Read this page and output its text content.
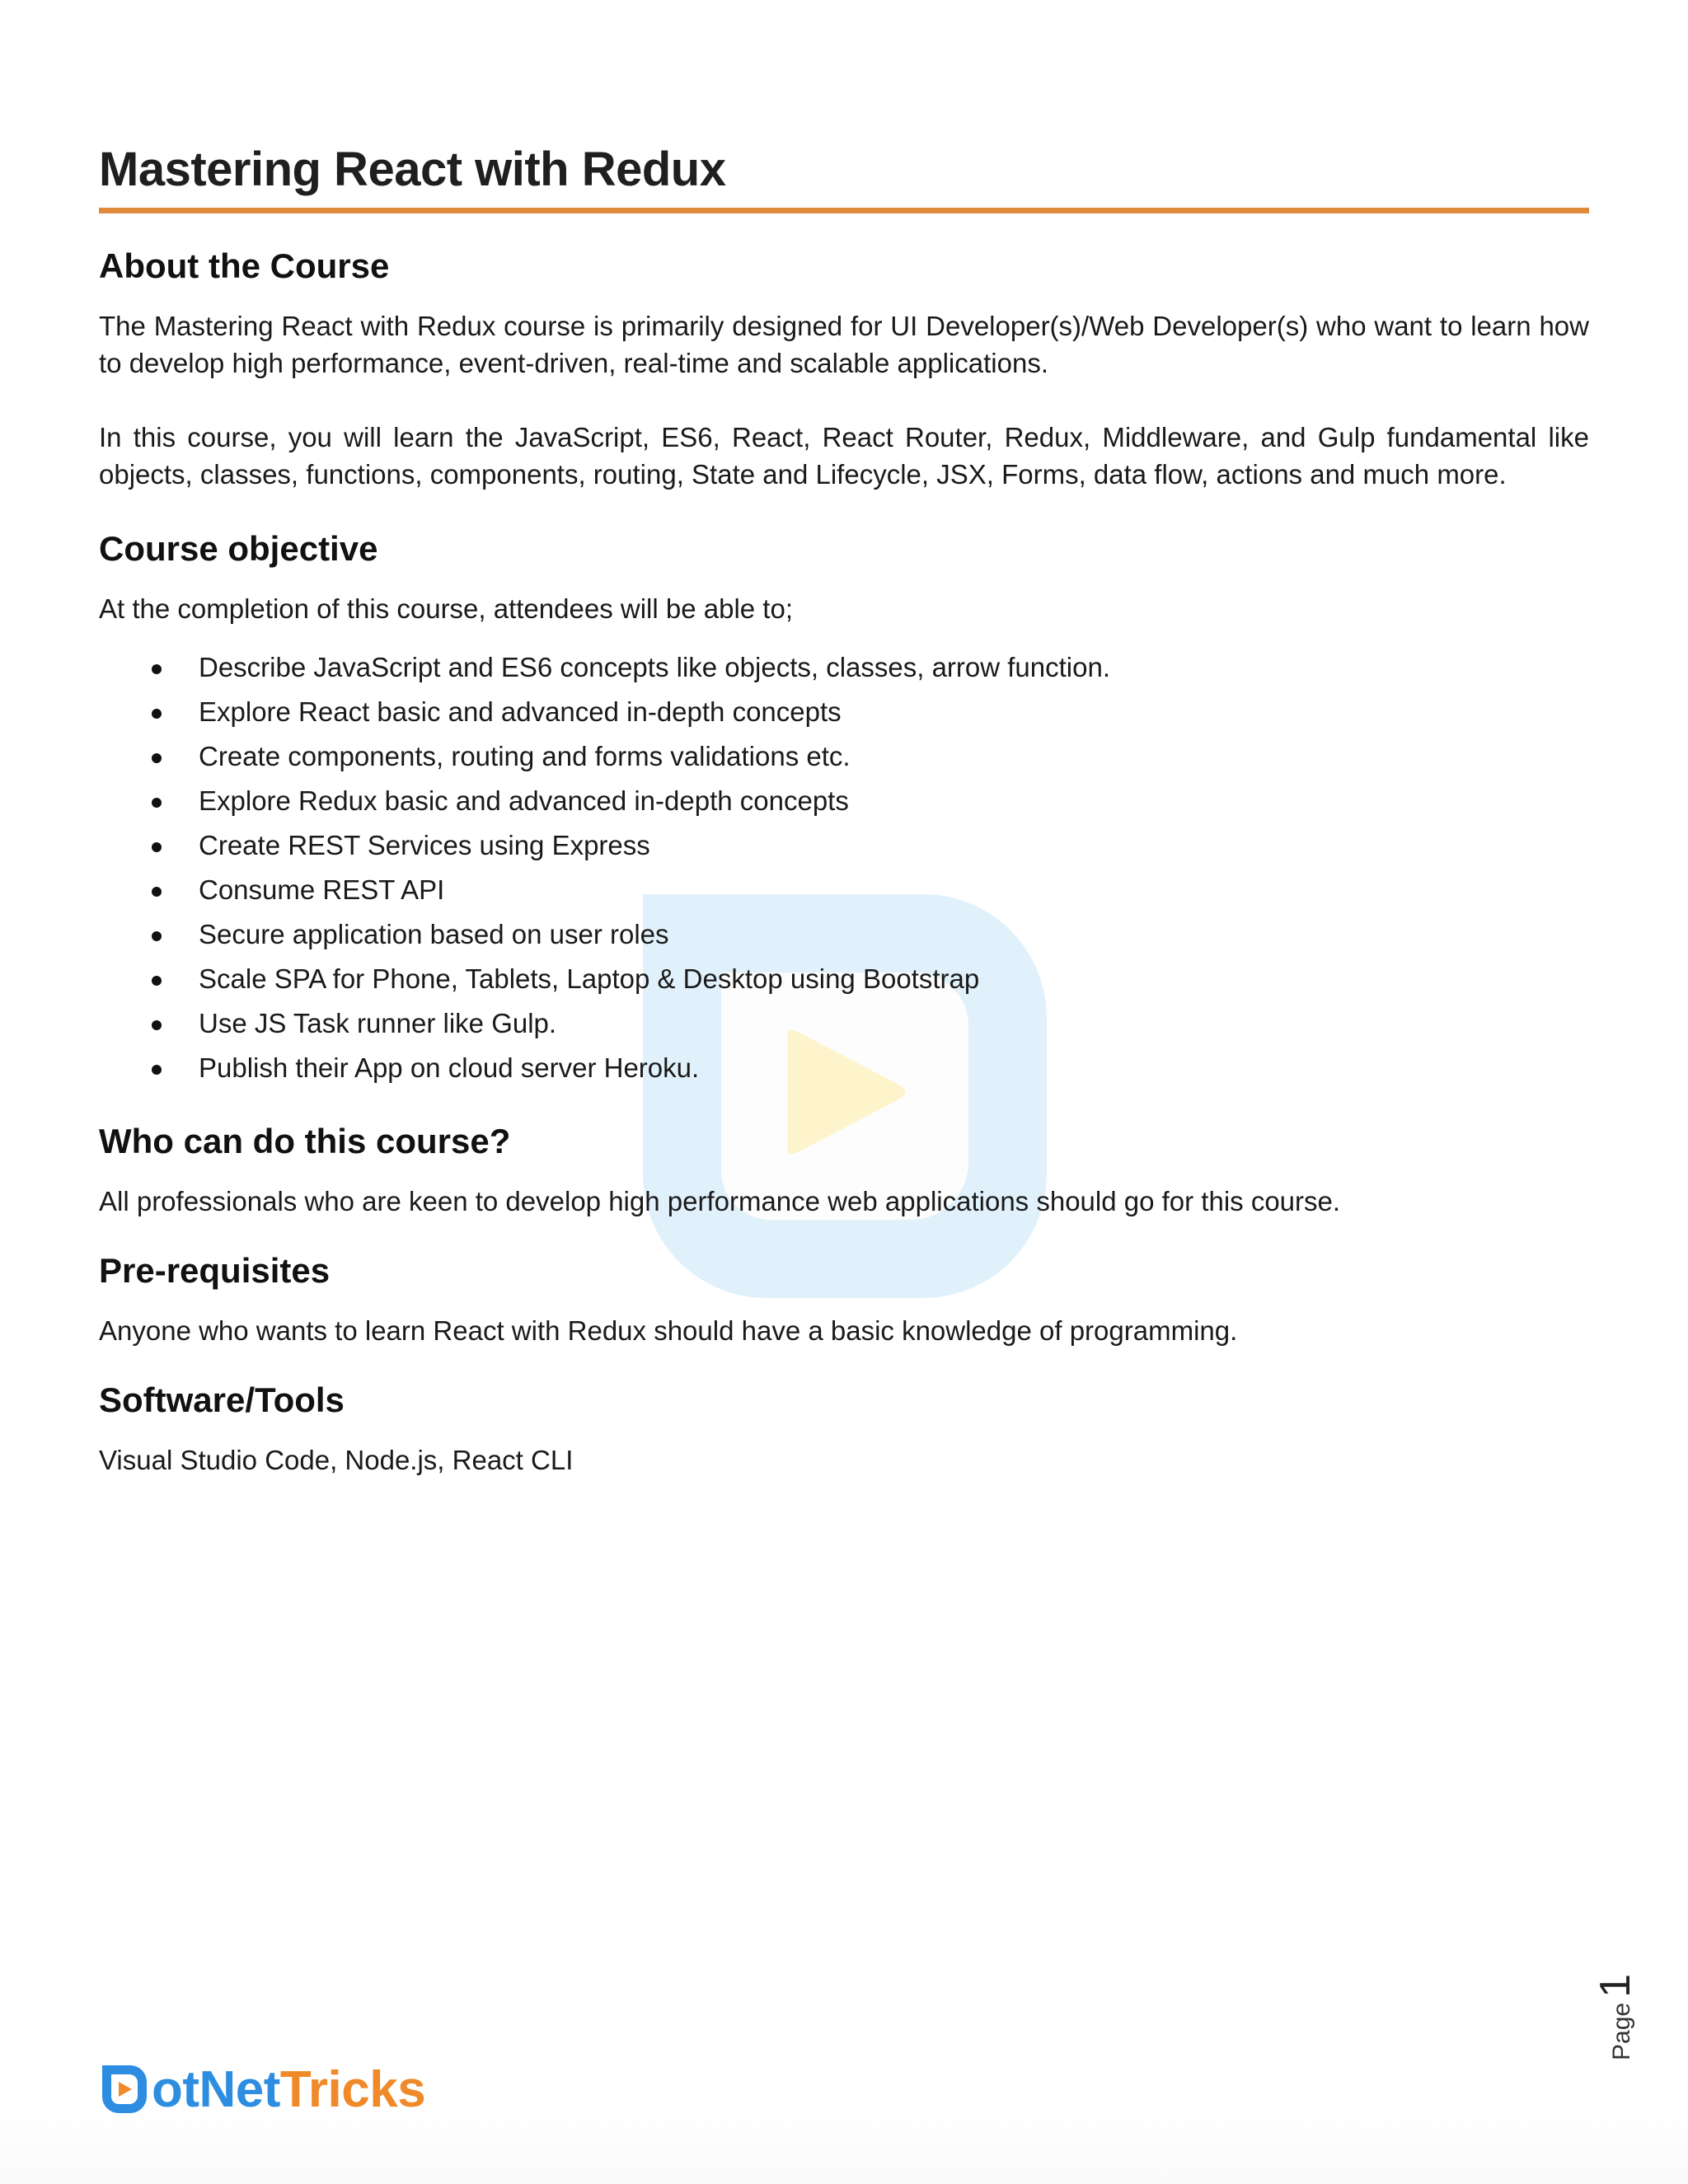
Mastering React with Redux
About the Course

The Mastering React with Redux course is primarily designed for UI Developer(s)/Web Developer(s) who want to learn how to develop high performance, event-driven, real-time and scalable applications.

In this course, you will learn the JavaScript, ES6, React, React Router, Redux, Middleware, and Gulp fundamental like objects, classes, functions, components, routing, State and Lifecycle, JSX, Forms, data flow, actions and much more.

Course objective

At the completion of this course, attendees will be able to;

Describe JavaScript and ES6 concepts like objects, classes, arrow function.
Explore React basic and advanced in-depth concepts
Create components, routing and forms validations etc.
Explore Redux basic and advanced in-depth concepts
Create REST Services using Express
Consume REST API
Secure application based on user roles
Scale SPA for Phone, Tablets, Laptop & Desktop using Bootstrap
Use JS Task runner like Gulp.
Publish their App on cloud server Heroku.
Who can do this course?

All professionals who are keen to develop high performance web applications should go for this course.

Pre-requisites

Anyone who wants to learn React with Redux should have a basic knowledge of programming.

Software/Tools

Visual Studio Code, Node.js, React CLI

otNet Tricks
Page
1
